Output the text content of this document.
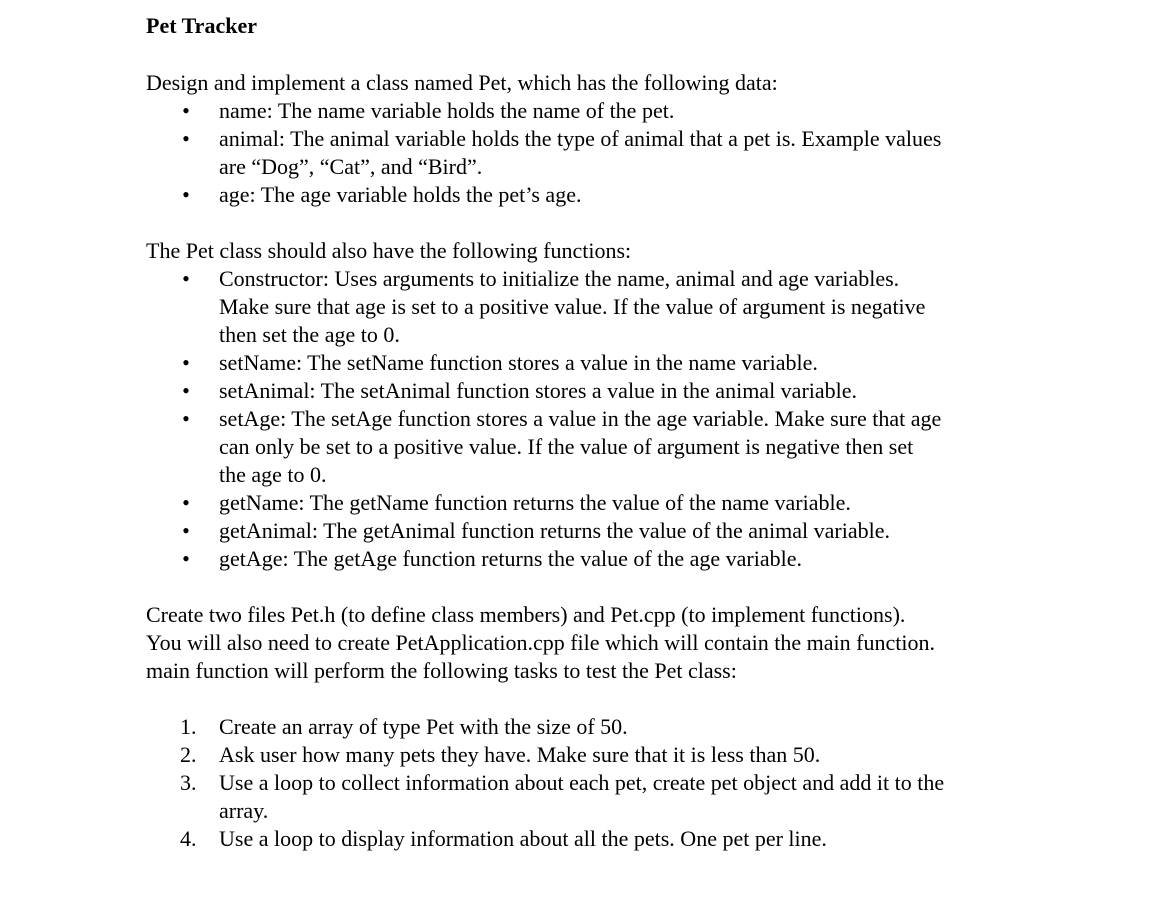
Pet Tracker

Design and implement a class named Pet, which has the following data:

• name: The name variable holds the name of the pet.
• animal: The animal variable holds the type of animal that a pet is. Example values
are “Dog”, “Cat”, and “Bird”.
• age: The age variable holds the pet’s age.

The Pet class should also have the following functions:

• Constructor: Uses arguments to initialize the name, animal and age variables.
Make sure that age is set to a positive value. If the value of argument is negative
then set the age to 0.
• setName: The setName function stores a value in the name variable.
• setAnimal: The setAnimal function stores a value in the animal variable.
• setAge: The setAge function stores a value in the age variable. Make sure that age
can only be set to a positive value. If the value of argument is negative then set
the age to 0.
• getName: The getName function returns the value of the name variable.
• getAnimal: The getAnimal function returns the value of the animal variable.
• getAge: The getAge function returns the value of the age variable.
Create two files Pet.h (to define class members) and Pet.cpp (to implement functions).
You will also need to create PetApplication.cpp file which will contain the main function.
main function will perform the following tasks to test the Pet class:
1.	Create an array of type Pet with the size of 50.
2.	Ask user how many pets they have. Make sure that it is less than 50.
3.	Use a loop to collect information about each pet, create pet object and add it to the
array.
4.	Use a loop to display information about all the pets. One pet per line.
